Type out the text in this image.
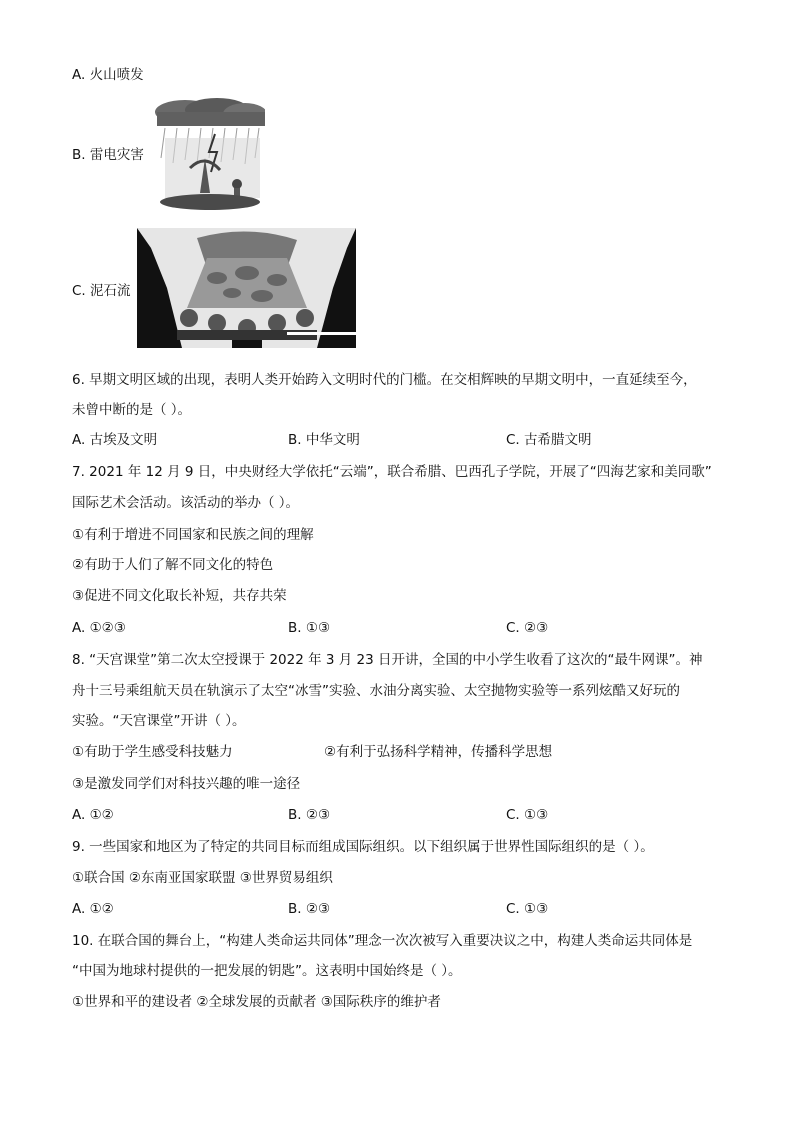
A. 火山喷发
B. 雷电灾害
C. 泥石流
6. 早期文明区域的出现，表明人类开始跨入文明时代的门槛。在交相辉映的早期文明中，一直延续至今，
未曾中断的是（ ）。
A. 古埃及文明	B. 中华文明	C. 古希腊文明
7. 2021 年 12 月 9 日，中央财经大学依托“云端”，联合希腊、巴西孔子学院，开展了“四海艺家和美同歌”
国际艺术会活动。该活动的举办（ ）。
①有利于增进不同国家和民族之间的理解
②有助于人们了解不同文化的特色
③促进不同文化取长补短，共存共荣
A. ①②③	B. ①③	C. ②③
8. “天宫课堂”第二次太空授课于 2022 年 3 月 23 日开讲，全国的中小学生收看了这次的“最牛网课”。神
舟十三号乘组航天员在轨演示了太空“冰雪”实验、水油分离实验、太空抛物实验等一系列炫酷又好玩的
实验。“天宫课堂”开讲（ ）。
①有助于学生感受科技魅力	②有利于弘扬科学精神，传播科学思想
③是激发同学们对科技兴趣的唯一途径
A. ①②	B. ②③	C. ①③
9. 一些国家和地区为了特定的共同目标而组成国际组织。以下组织属于世界性国际组织的是（ ）。
①联合国 ②东南亚国家联盟 ③世界贸易组织
A. ①②	B. ②③	C. ①③
10. 在联合国的舞台上，“构建人类命运共同体”理念一次次被写入重要决议之中，构建人类命运共同体是
“中国为地球村提供的一把发展的钥匙”。这表明中国始终是（ ）。
①世界和平的建设者 ②全球发展的贡献者 ③国际秩序的维护者
